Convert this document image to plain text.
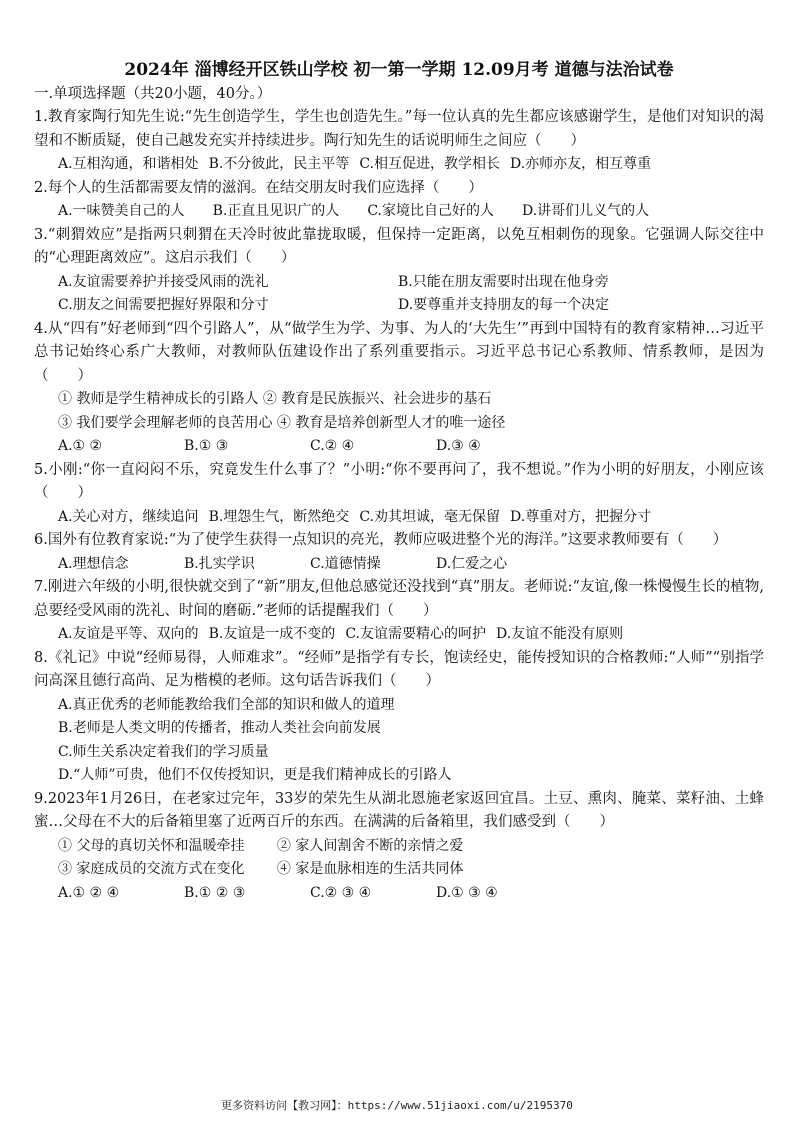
2024年 淄博经开区铁山学校 初一第一学期 12.09月考 道德与法治试卷
一.单项选择题（共20小题，40分。）
1.教育家陶行知先生说:“先生创造学生，学生也创造先生。”每一位认真的先生都应该感谢学生，是他们对知识的渴望和不断质疑，使自己越发充实并持续进步。陶行知先生的话说明师生之间应（　　）
A.互相沟通，和谐相处 B.不分彼此，民主平等 C.相互促进，教学相长 D.亦师亦友，相互尊重
2.每个人的生活都需要友情的滋润。在结交朋友时我们应选择（　　）
A.一味赞美自己的人 B.正直且见识广的人 C.家境比自己好的人 D.讲哥们儿义气的人
3.“刺猬效应”是指两只刺猬在天冷时彼此靠拢取暖，但保持一定距离，以免互相刺伤的现象。它强调人际交往中的“心理距离效应”。这启示我们（　　）
A.友谊需要养护并接受风雨的洗礼	B.只能在朋友需要时出现在他身旁
C.朋友之间需要把握好界限和分寸	D.要尊重并支持朋友的每一个决定
4.从“四有”好老师到“四个引路人”，从“做学生为学、为事、为人的‘大先生’”再到中国特有的教育家精神…习近平总书记始终心系广大教师，对教师队伍建设作出了系列重要指示。习近平总书记心系教师、情系教师，是因为（　　）
① 教师是学生精神成长的引路人 ② 教育是民族振兴、社会进步的基石
③ 我们要学会理解老师的良苦用心 ④ 教育是培养创新型人才的唯一途径
A.① ②	B.① ③	C.② ④	D.③ ④
5.小刚:“你一直闷闷不乐，究竟发生什么事了？”小明:“你不要再问了，我不想说。”作为小明的好朋友，小刚应该（　　）
A.关心对方，继续追问 B.埋怨生气，断然绝交 C.劝其坦诚，毫无保留 D.尊重对方，把握分寸
6.国外有位教育家说:“为了使学生获得一点知识的亮光，教师应吸进整个光的海洋。”这要求教师要有（　　）
A.理想信念	B.扎实学识	C.道德情操	D.仁爱之心
7.刚进六年级的小明,很快就交到了“新”朋友,但他总感觉还没找到“真”朋友。老师说:“友谊,像一株慢慢生长的植物,总要经受风雨的洗礼、时间的磨砺.”老师的话提醒我们（　　）
A.友谊是平等、双向的 B.友谊是一成不变的 C.友谊需要精心的呵护 D.友谊不能没有原则
8.《礼记》中说“经师易得，人师难求”。“经师”是指学有专长，饱读经史，能传授知识的合格教师:“人师”“别指学问高深且德行高尚、足为楷模的老师。这句话告诉我们（　　）
A.真正优秀的老师能教给我们全部的知识和做人的道理
B.老师是人类文明的传播者，推动人类社会向前发展
C.师生关系决定着我们的学习质量
D.“人师”可贵，他们不仅传授知识，更是我们精神成长的引路人
9.2023年1月26日，在老家过完年，33岁的荣先生从湖北恩施老家返回宜昌。土豆、熏肉、腌菜、菜籽油、土蜂蜜…父母在不大的后备箱里塞了近两百斤的东西。在满满的后备箱里，我们感受到（　　）
① 父母的真切关怀和温暖牵挂　　 ② 家人间割舍不断的亲情之爱
③ 家庭成员的交流方式在变化　　 ④ 家是血脉相连的生活共同体
A.① ② ④	B.① ② ③	C.② ③ ④	D.① ③ ④
更多资料访问【教习网】：https://www.51jiaoxi.com/u/2195370
